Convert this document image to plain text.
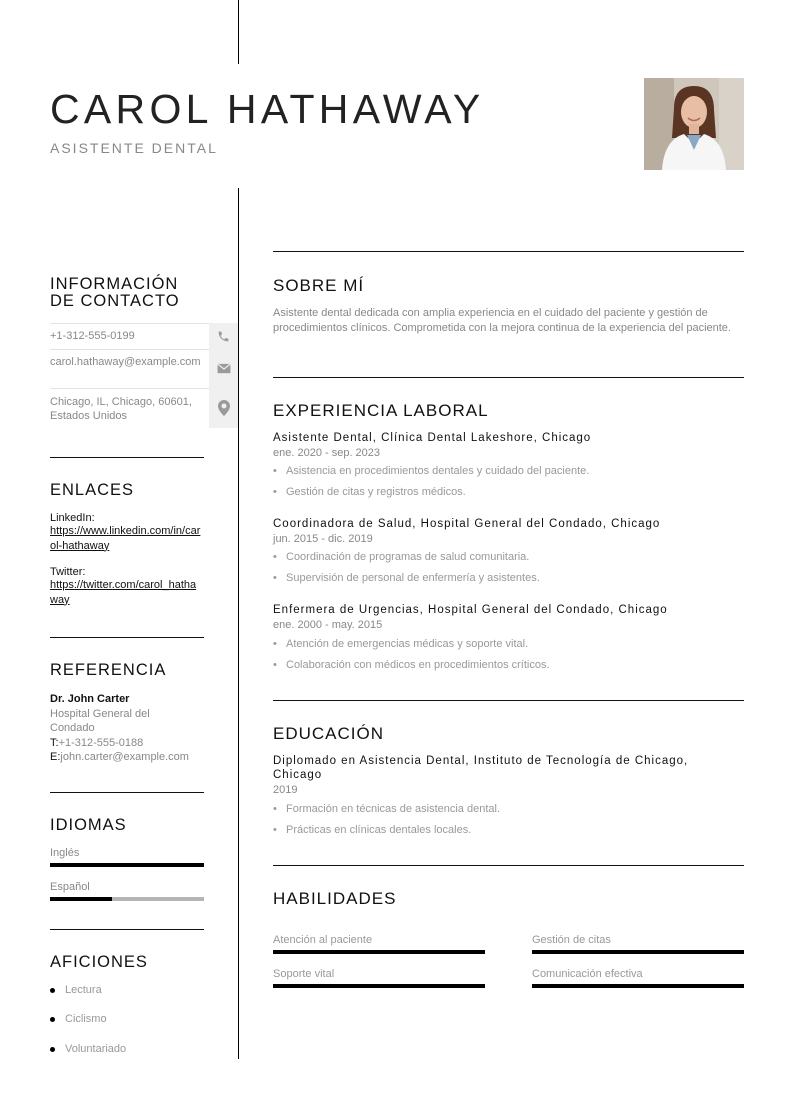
CAROL HATHAWAY
ASISTENTE DENTAL
INFORMACIÓN
DE CONTACTO
+1-312-555-0199
carol.hathaway@example.com
Chicago, IL, Chicago, 60601, Estados Unidos
ENLACES
LinkedIn:
https://www.linkedin.com/in/carol-hathaway
Twitter:
https://twitter.com/carol_hathaway
REFERENCIA
Dr. John Carter
Hospital General del Condado
T:+1-312-555-0188
E:john.carter@example.com
IDIOMAS
Inglés
Español
AFICIONES
Lectura
Ciclismo
Voluntariado
SOBRE MÍ
Asistente dental dedicada con amplia experiencia en el cuidado del paciente y gestión de procedimientos clínicos. Comprometida con la mejora continua de la experiencia del paciente.
EXPERIENCIA LABORAL
Asistente Dental, Clínica Dental Lakeshore, Chicago
ene. 2020 - sep. 2023
• Asistencia en procedimientos dentales y cuidado del paciente.
• Gestión de citas y registros médicos.
Coordinadora de Salud, Hospital General del Condado, Chicago
jun. 2015 - dic. 2019
• Coordinación de programas de salud comunitaria.
• Supervisión de personal de enfermería y asistentes.
Enfermera de Urgencias, Hospital General del Condado, Chicago
ene. 2000 - may. 2015
• Atención de emergencias médicas y soporte vital.
• Colaboración con médicos en procedimientos críticos.
EDUCACIÓN
Diplomado en Asistencia Dental, Instituto de Tecnología de Chicago,
Chicago
2019
• Formación en técnicas de asistencia dental.
• Prácticas en clínicas dentales locales.
HABILIDADES
Atención al paciente	Gestión de citas
Soporte vital	Comunicación efectiva
